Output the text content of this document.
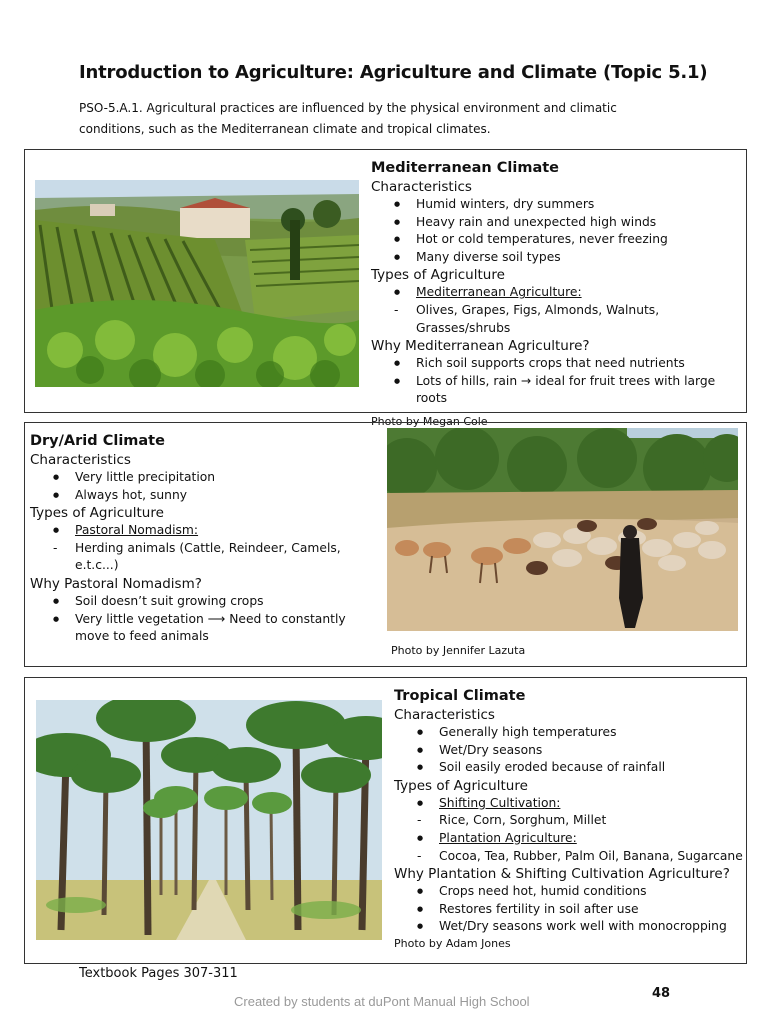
Introduction to Agriculture: Agriculture and Climate (Topic 5.1)
PSO-5.A.1. Agricultural practices are influenced by the physical environment and climatic conditions, such as the Mediterranean climate and tropical climates.
Mediterranean Climate
Characteristics
● Humid winters, dry summers
● Heavy rain and unexpected high winds
● Hot or cold temperatures, never freezing
● Many diverse soil types
Types of Agriculture
● Mediterranean Agriculture:
- Olives, Grapes, Figs, Almonds, Walnuts, Grasses/shrubs
Why Mediterranean Agriculture?
● Rich soil supports crops that need nutrients
● Lots of hills, rain → ideal for fruit trees with large roots
Photo by Megan Cole
Dry/Arid Climate
Characteristics
● Very little precipitation
● Always hot, sunny
Types of Agriculture
● Pastoral Nomadism:
- Herding animals (Cattle, Reindeer, Camels, e.t.c...)
Why Pastoral Nomadism?
● Soil doesn’t suit growing crops
● Very little vegetation ⟶ Need to constantly move to feed animals
Photo by Jennifer Lazuta
Tropical Climate
Characteristics
● Generally high temperatures
● Wet/Dry seasons
● Soil easily eroded because of rainfall
Types of Agriculture
● Shifting Cultivation:
- Rice, Corn, Sorghum, Millet
● Plantation Agriculture:
- Cocoa, Tea, Rubber, Palm Oil, Banana, Sugarcane
Why Plantation & Shifting Cultivation Agriculture?
● Crops need hot, humid conditions
● Restores fertility in soil after use
● Wet/Dry seasons work well with monocropping
Photo by Adam Jones
Textbook Pages 307-311
Created by students at duPont Manual High School
48
